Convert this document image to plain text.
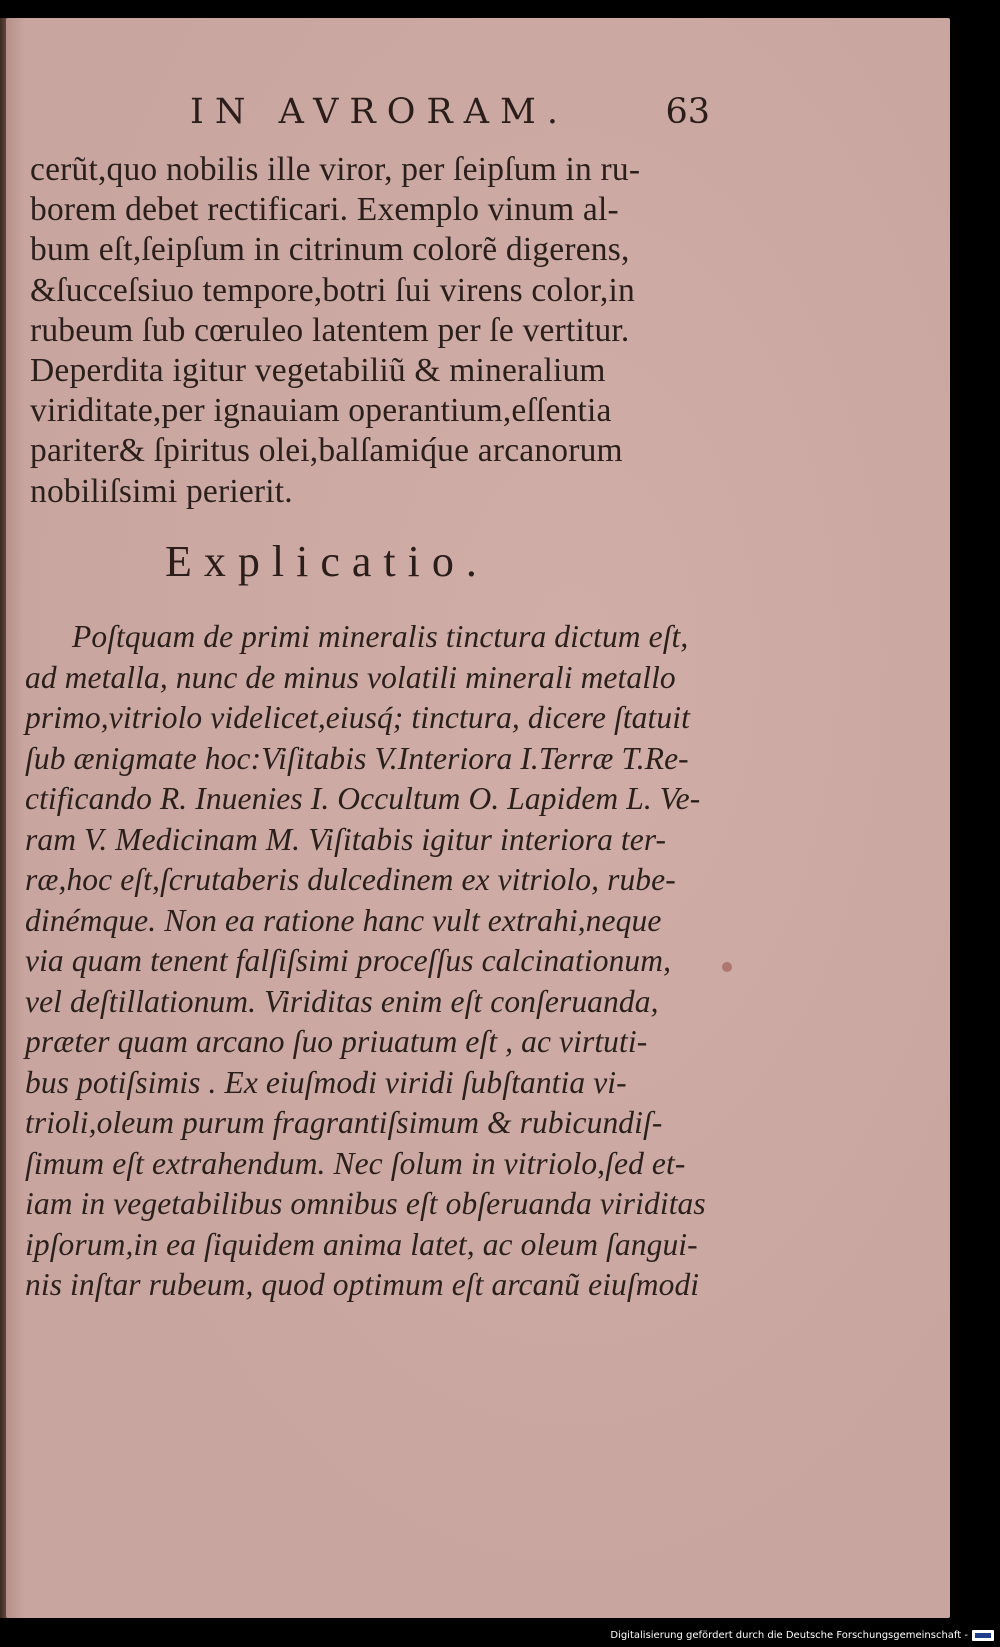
IN AVRORAM.	63
cerũt,quo nobilis ille viror, per ſeipſum in ru-
borem debet rectificari. Exemplo vinum al-
bum eſt,ſeipſum in citrinum colorẽ digerens,
&ſucceſsiuo tempore,botri ſui virens color,in
rubeum ſub cœruleo latentem per ſe vertitur.
Deperdita igitur vegetabiliũ & mineralium
viriditate,per ignauiam operantium,eſſentia
pariter& ſpiritus olei,balſamiq́ue arcanorum
nobiliſsimi perierit.
Explicatio.
Poſtquam de primi mineralis tinctura dictum eſt,
ad metalla, nunc de minus volatili minerali metallo
primo,vitriolo videlicet,eiusq́; tinctura, dicere ſtatuit
ſub ænigmate hoc:Viſitabis V.Interiora I.Terræ T.Re-
ctificando R. Inuenies I. Occultum O. Lapidem L. Ve-
ram V. Medicinam M. Viſitabis igitur interiora ter-
ræ,hoc eſt,ſcrutaberis dulcedinem ex vitriolo, rube-
dinémque. Non ea ratione hanc vult extrahi,neque
via quam tenent falſiſsimi proceſſus calcinationum,
vel deſtillationum. Viriditas enim eſt conſeruanda,
præter quam arcano ſuo priuatum eſt , ac virtuti-
bus potiſsimis . Ex eiuſmodi viridi ſubſtantia vi-
trioli,oleum purum fragrantiſsimum & rubicundiſ-
ſimum eſt extrahendum. Nec ſolum in vitriolo,ſed et-
iam in vegetabilibus omnibus eſt obſeruanda viriditas
ipſorum,in ea ſiquidem anima latet, ac oleum ſangui-
nis inſtar rubeum, quod optimum eſt arcanũ eiuſmodi
Digitalisierung gefördert durch die Deutsche Forschungsgemeinschaft -
